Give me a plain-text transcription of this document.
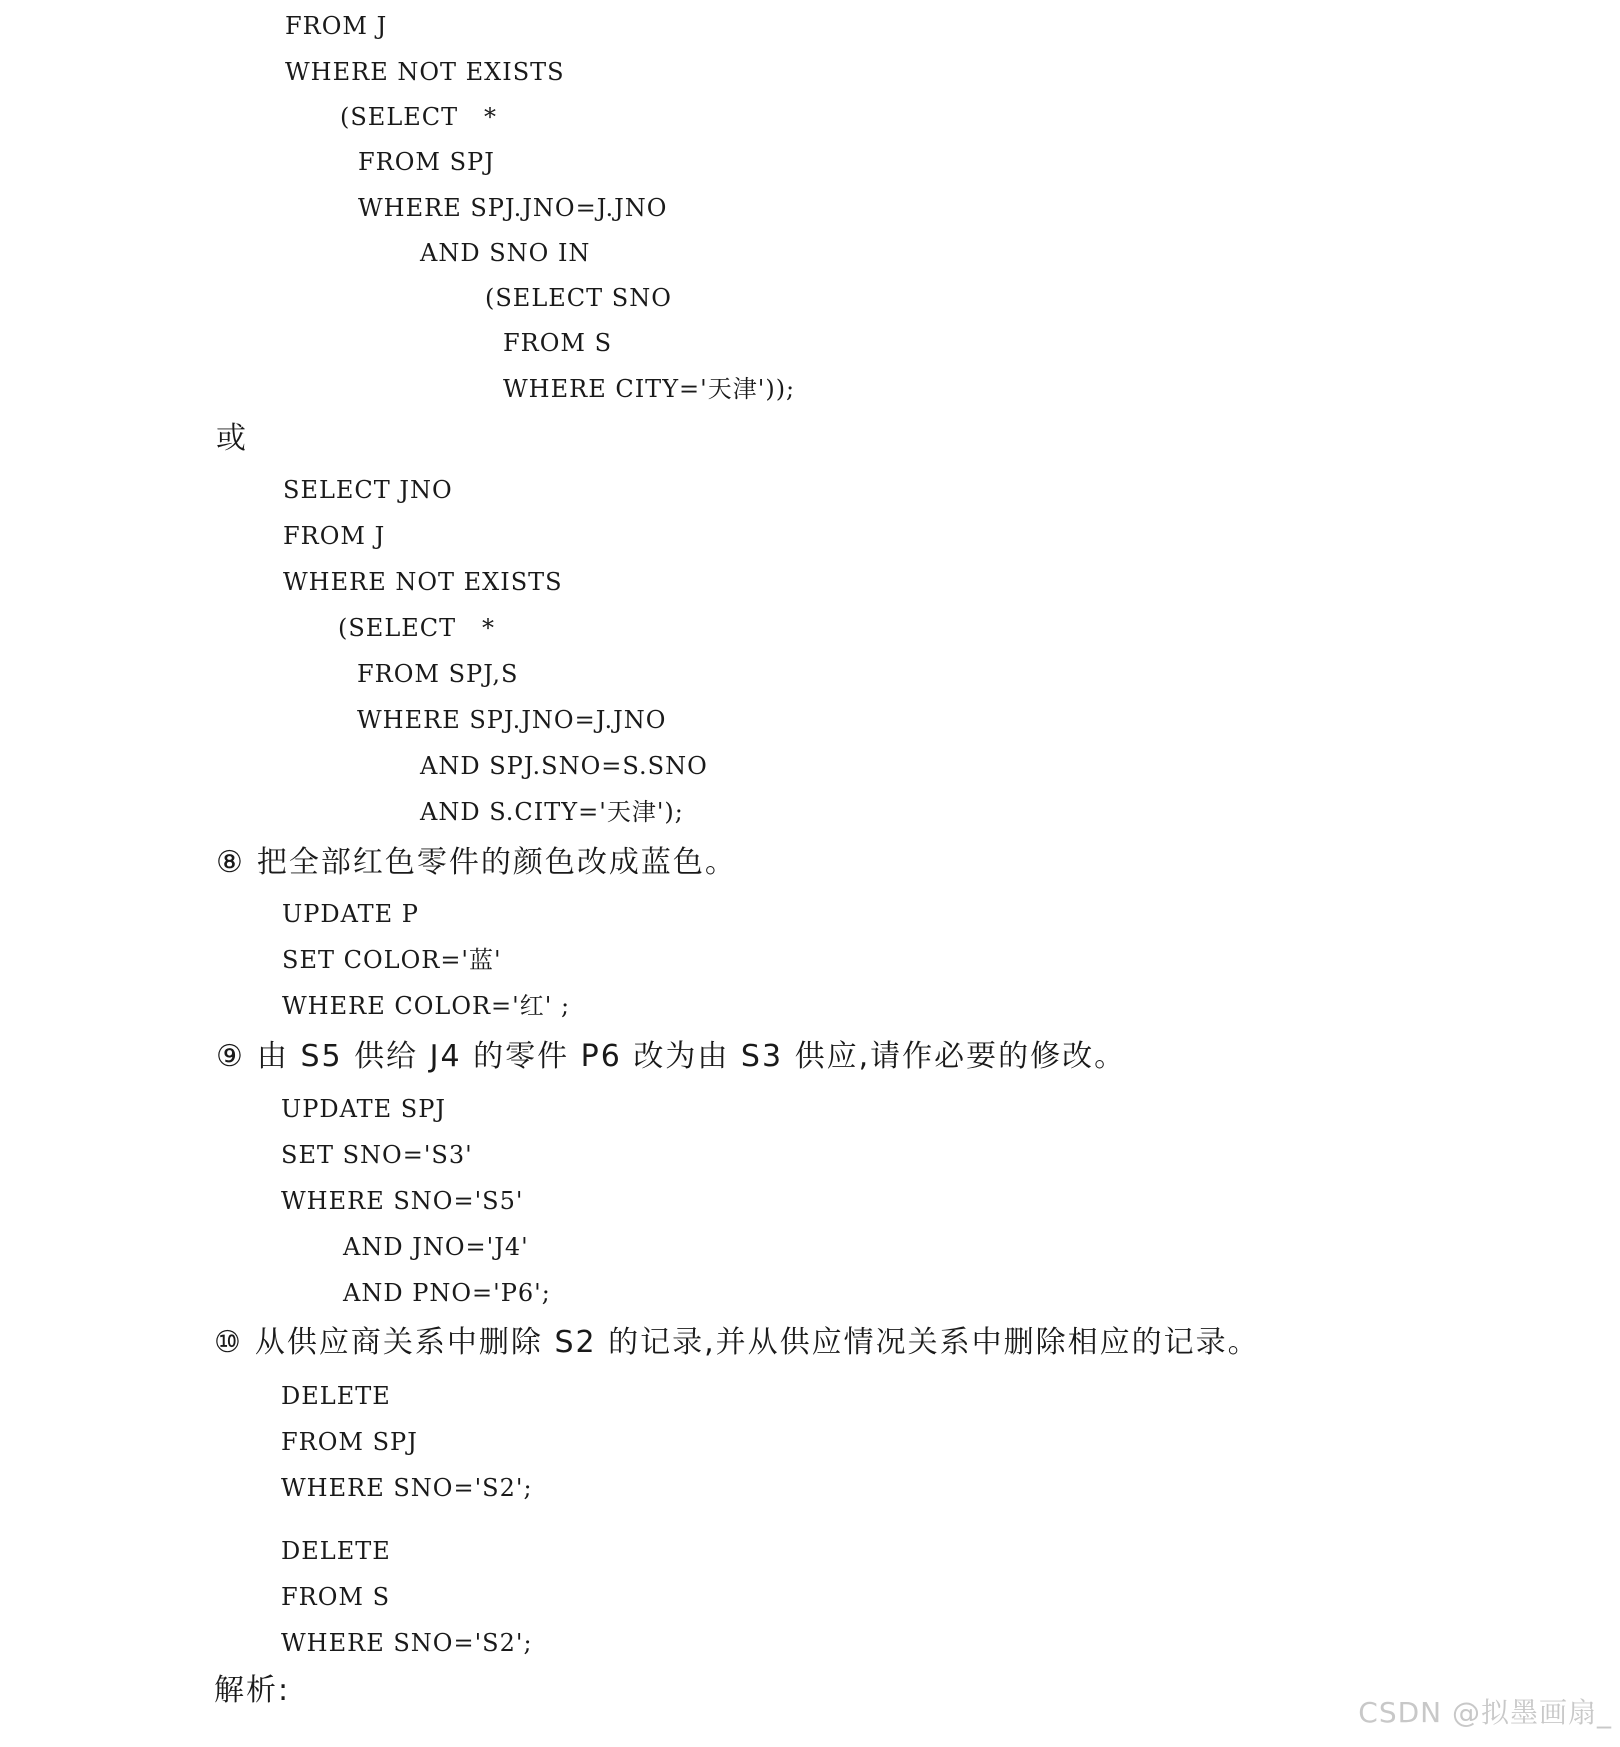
FROM J
WHERE NOT EXISTS
(SELECT   *
FROM SPJ
WHERE SPJ.JNO=J.JNO
AND SNO IN
(SELECT SNO
FROM S
WHERE CITY='天津'));
或
SELECT JNO
FROM J
WHERE NOT EXISTS
(SELECT   *
FROM SPJ,S
WHERE SPJ.JNO=J.JNO
AND SPJ.SNO=S.SNO
AND S.CITY='天津');
⑧ 把全部红色零件的颜色改成蓝色。
UPDATE P
SET COLOR='蓝'
WHERE COLOR='红' ;
⑨ 由 S5 供给 J4 的零件 P6 改为由 S3 供应,请作必要的修改。
UPDATE SPJ
SET SNO='S3'
WHERE SNO='S5'
AND JNO='J4'
AND PNO='P6';
⑩ 从供应商关系中删除 S2 的记录,并从供应情况关系中删除相应的记录。
DELETE
FROM SPJ
WHERE SNO='S2';
DELETE
FROM S
WHERE SNO='S2';
解析:
CSDN @拟墨画扇_
